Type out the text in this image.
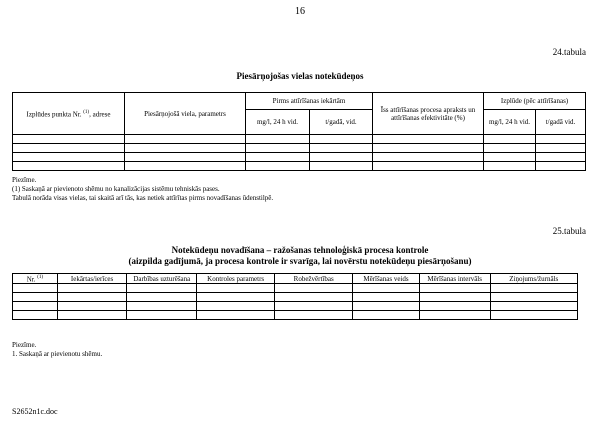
16
24.tabula
Piesārņojošas vielas notekūdeņos
Izplūdes punkta Nr. $^{(1)}$, adrese	Piesārņojošā viela, parametrs	Pirms attīrīšanas iekārtām		Īss attīrīšanas procesa apraksts un attīrīšanas efektivitāte (%)	Izplūde (pēc attīrīšanas)	
		mg/l, 24 h vid.	t/gadā, vid.		mg/l, 24 h vid.	t/gadā vid.

Piezīme.
(1) Saskaņā ar pievienoto shēmu no kanalizācijas sistēmu tehniskās pases.
Tabulā norāda visas vielas, tai skaitā arī tās, kas netiek attīrītas pirms novadīšanas ūdenstilpē.
25.tabula
Notekūdeņu novadīšana – ražošanas tehnoloģiskā procesa kontrole
(aizpilda gadījumā, ja procesa kontrole ir svarīga, lai novērstu notekūdeņu piesārņošanu)
Nr. $^{(1)}$	Iekārtas/ierīces	Darbības uzturēšana	Kontroles parametrs	Robežvērtības	Mērīšanas veids	Mērīšanas intervāls	Ziņojums/žurnāls

Piezīme.
1. Saskaņā ar pievienotu shēmu.
S2652n1c.doc
